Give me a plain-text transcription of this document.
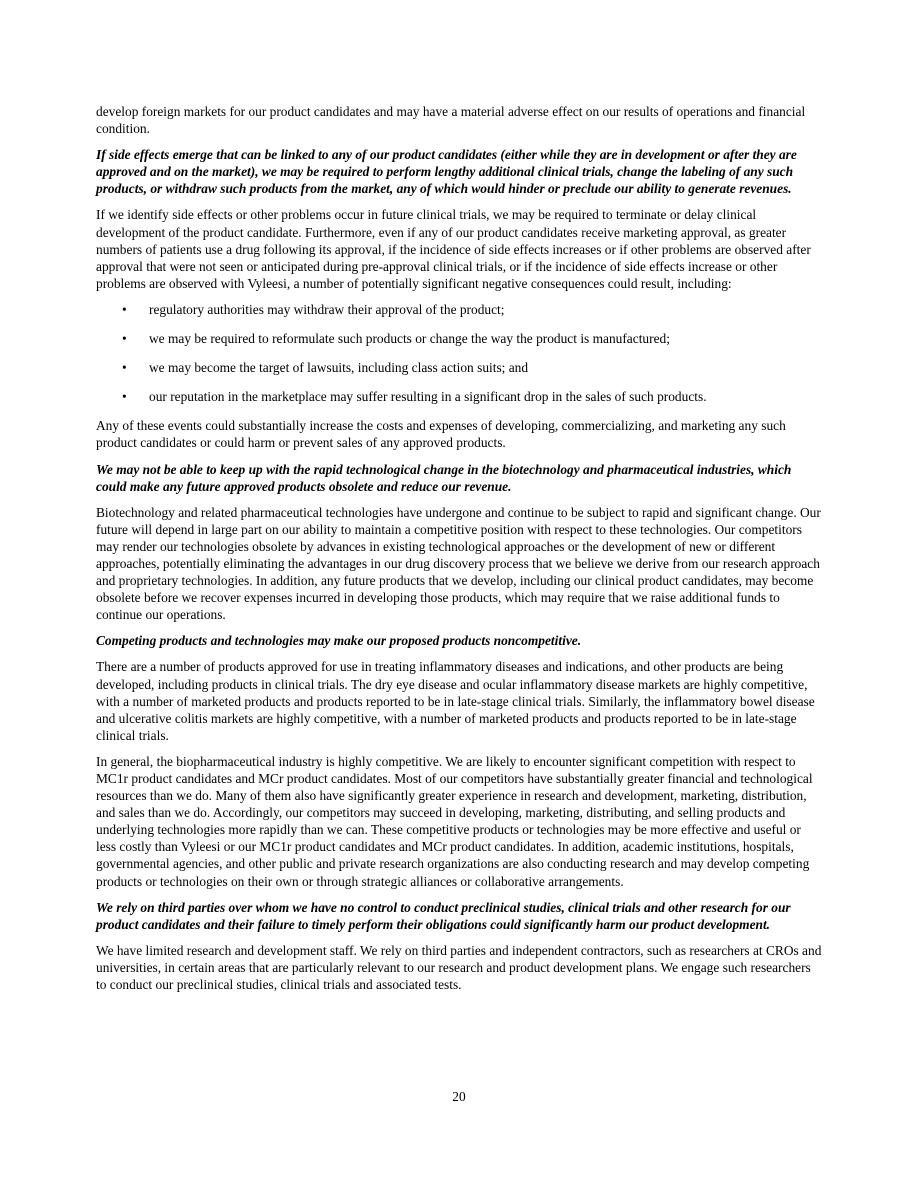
develop foreign markets for our product candidates and may have a material adverse effect on our results of operations and financial condition.

If side effects emerge that can be linked to any of our product candidates (either while they are in development or after they are approved and on the market), we may be required to perform lengthy additional clinical trials, change the labeling of any such products, or withdraw such products from the market, any of which would hinder or preclude our ability to generate revenues.

If we identify side effects or other problems occur in future clinical trials, we may be required to terminate or delay clinical development of the product candidate. Furthermore, even if any of our product candidates receive marketing approval, as greater numbers of patients use a drug following its approval, if the incidence of side effects increases or if other problems are observed after approval that were not seen or anticipated during pre-approval clinical trials, or if the incidence of side effects increase or other problems are observed with Vyleesi, a number of potentially significant negative consequences could result, including:

• regulatory authorities may withdraw their approval of the product;
• we may be required to reformulate such products or change the way the product is manufactured;
• we may become the target of lawsuits, including class action suits; and
• our reputation in the marketplace may suffer resulting in a significant drop in the sales of such products.

Any of these events could substantially increase the costs and expenses of developing, commercializing, and marketing any such product candidates or could harm or prevent sales of any approved products.

We may not be able to keep up with the rapid technological change in the biotechnology and pharmaceutical industries, which could make any future approved products obsolete and reduce our revenue.

Biotechnology and related pharmaceutical technologies have undergone and continue to be subject to rapid and significant change. Our future will depend in large part on our ability to maintain a competitive position with respect to these technologies. Our competitors may render our technologies obsolete by advances in existing technological approaches or the development of new or different approaches, potentially eliminating the advantages in our drug discovery process that we believe we derive from our research approach and proprietary technologies. In addition, any future products that we develop, including our clinical product candidates, may become obsolete before we recover expenses incurred in developing those products, which may require that we raise additional funds to continue our operations.

Competing products and technologies may make our proposed products noncompetitive.

There are a number of products approved for use in treating inflammatory diseases and indications, and other products are being developed, including products in clinical trials. The dry eye disease and ocular inflammatory disease markets are highly competitive, with a number of marketed products and products reported to be in late-stage clinical trials. Similarly, the inflammatory bowel disease and ulcerative colitis markets are highly competitive, with a number of marketed products and products reported to be in late-stage clinical trials.

In general, the biopharmaceutical industry is highly competitive. We are likely to encounter significant competition with respect to MC1r product candidates and MCr product candidates. Most of our competitors have substantially greater financial and technological resources than we do. Many of them also have significantly greater experience in research and development, marketing, distribution, and sales than we do. Accordingly, our competitors may succeed in developing, marketing, distributing, and selling products and underlying technologies more rapidly than we can. These competitive products or technologies may be more effective and useful or less costly than Vyleesi or our MC1r product candidates and MCr product candidates. In addition, academic institutions, hospitals, governmental agencies, and other public and private research organizations are also conducting research and may develop competing products or technologies on their own or through strategic alliances or collaborative arrangements.

We rely on third parties over whom we have no control to conduct preclinical studies, clinical trials and other research for our product candidates and their failure to timely perform their obligations could significantly harm our product development.

We have limited research and development staff. We rely on third parties and independent contractors, such as researchers at CROs and universities, in certain areas that are particularly relevant to our research and product development plans. We engage such researchers to conduct our preclinical studies, clinical trials and associated tests.

20
